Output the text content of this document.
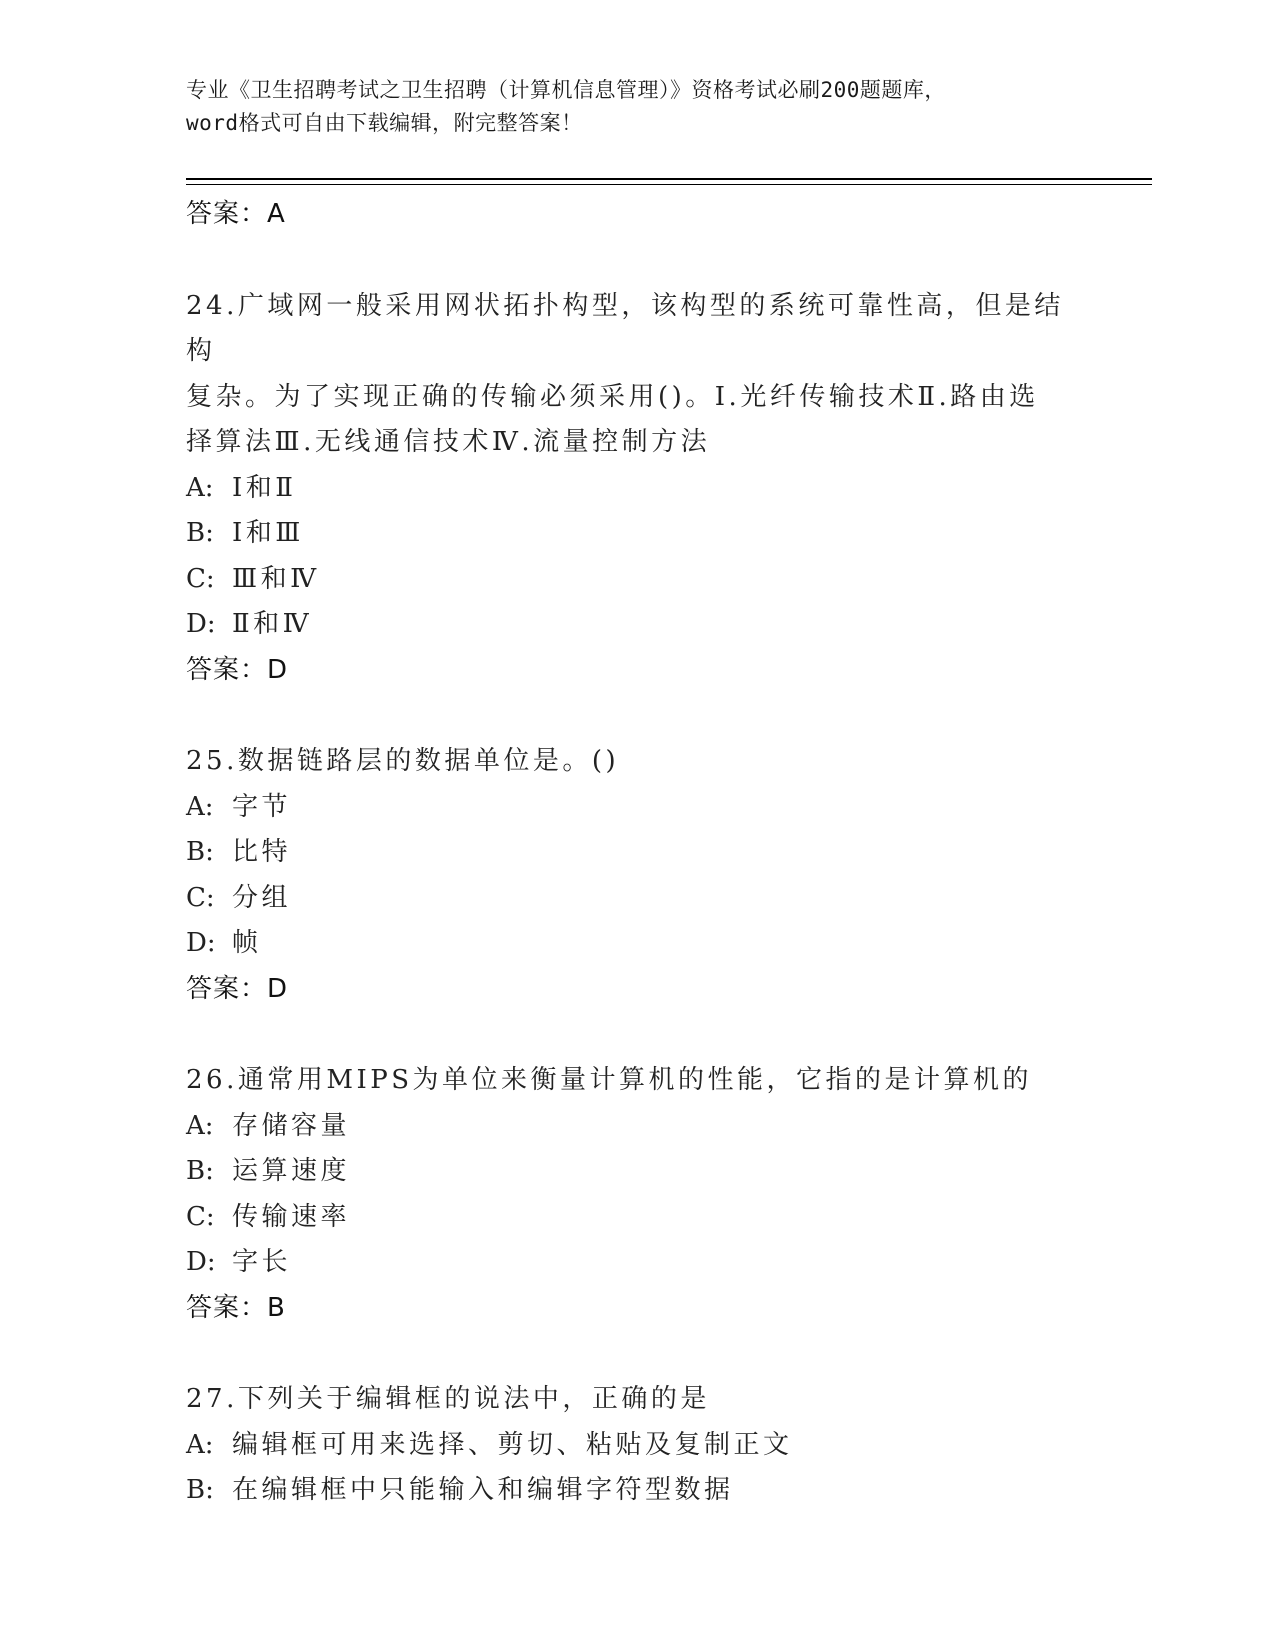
专业《卫生招聘考试之卫生招聘（计算机信息管理）》资格考试必刷200题题库，
word格式可自由下载编辑，附完整答案！

答案：A

24.广域网一般采用网状拓扑构型，该构型的系统可靠性高，但是结构

复杂。为了实现正确的传输必须采用()。Ⅰ.光纤传输技术Ⅱ.路由选

择算法Ⅲ.无线通信技术Ⅳ.流量控制方法

A: Ⅰ和Ⅱ

B: Ⅰ和Ⅲ

C: Ⅲ和Ⅳ

D: Ⅱ和Ⅳ

答案：D

25.数据链路层的数据单位是。()

A: 字节

B: 比特

C: 分组

D: 帧

答案：D

26.通常用MIPS为单位来衡量计算机的性能，它指的是计算机的

A: 存储容量

B: 运算速度

C: 传输速率

D: 字长

答案：B

27.下列关于编辑框的说法中，正确的是

A: 编辑框可用来选择、剪切、粘贴及复制正文

B: 在编辑框中只能输入和编辑字符型数据
